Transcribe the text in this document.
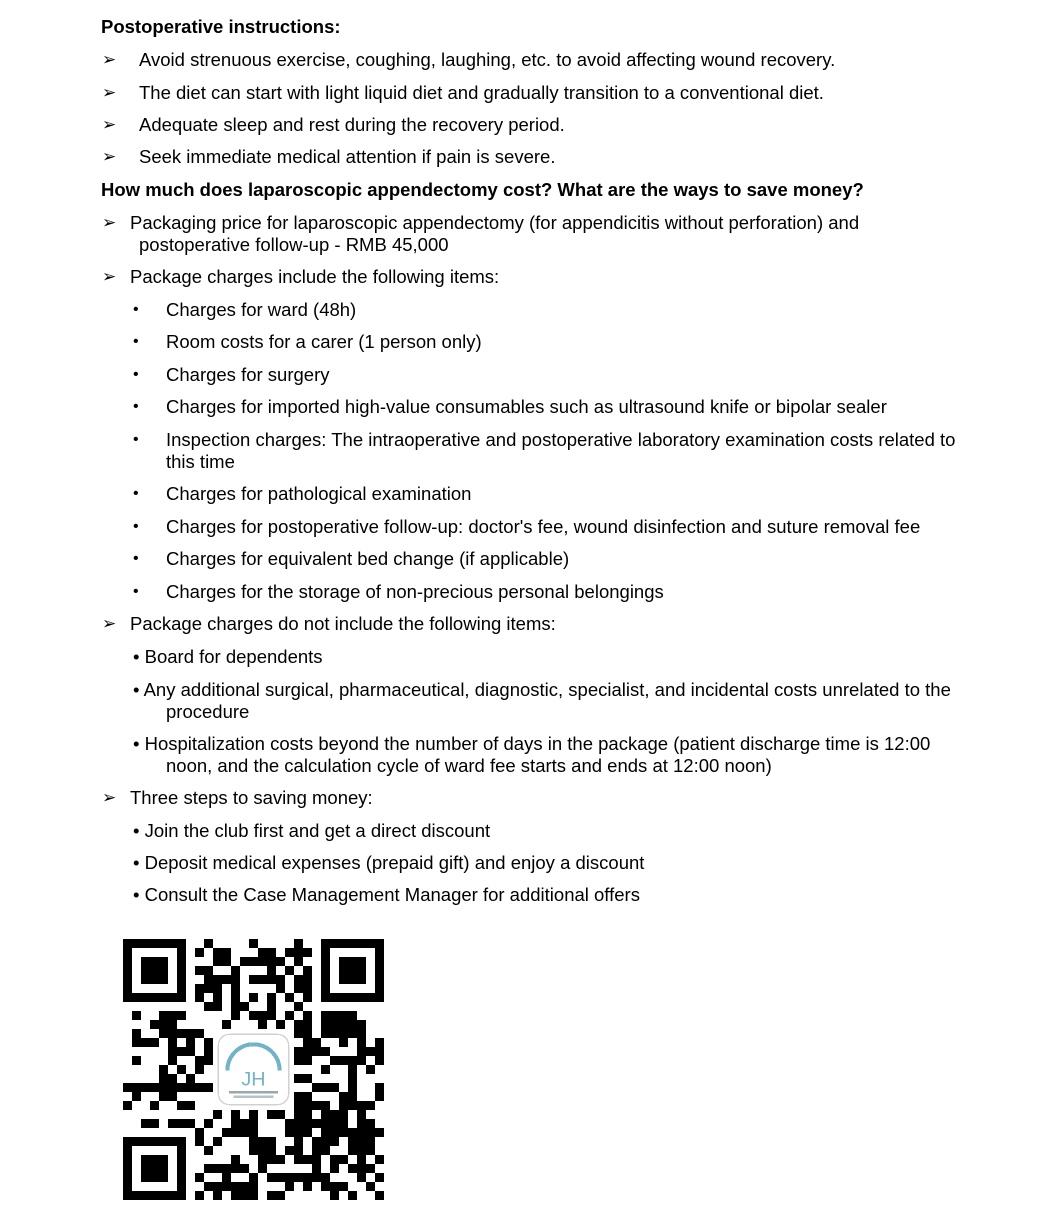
Postoperative instructions:
➢ Avoid strenuous exercise, coughing, laughing, etc. to avoid affecting wound recovery.
➢ The diet can start with light liquid diet and gradually transition to a conventional diet.
➢ Adequate sleep and rest during the recovery period.
➢ Seek immediate medical attention if pain is severe.
How much does laparoscopic appendectomy cost? What are the ways to save money?
➢ Packaging price for laparoscopic appendectomy (for appendicitis without perforation) and
postoperative follow-up - RMB 45,000
➢ Package charges include the following items:
• Charges for ward (48h)
• Room costs for a carer (1 person only)
• Charges for surgery
• Charges for imported high-value consumables such as ultrasound knife or bipolar sealer
• Inspection charges: The intraoperative and postoperative laboratory examination costs related to
this time
• Charges for pathological examination
• Charges for postoperative follow-up: doctor's fee, wound disinfection and suture removal fee
• Charges for equivalent bed change (if applicable)
• Charges for the storage of non-precious personal belongings
➢ Package charges do not include the following items:
• Board for dependents
• Any additional surgical, pharmaceutical, diagnostic, specialist, and incidental costs unrelated to the
procedure
• Hospitalization costs beyond the number of days in the package (patient discharge time is 12:00
noon, and the calculation cycle of ward fee starts and ends at 12:00 noon)
➢ Three steps to saving money:
• Join the club first and get a direct discount
• Deposit medical expenses (prepaid gift) and enjoy a discount
• Consult the Case Management Manager for additional offers
JH
